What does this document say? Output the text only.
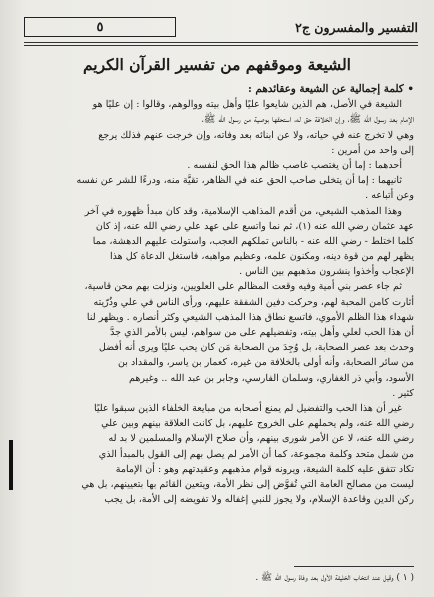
التفسير والمفسرون ج٢
٥
الشيعة وموقفهم من تفسير القرآن الكريم
• كلمة إجمالية عن الشيعة وعقائدهم :
الشيعة في الأصل، هم الذين شايعوا عليًا وأهل بيته ووالوهم، وقالوا : إن عليًا هو
الإمام بعد رسول الله ﷺ، وإن الخلافة حق له، استحقها بوصية من رسول الله ﷺ،
وهي لا تخرج عنه في حياته، ولا عن ابنائه بعد وفاته، وإن خرجت عنهم فذلك يرجع
إلى واحد من أمرين :
أحدهما : إما أن يغتصب غاصب ظالم هذا الحق لنفسه .
ثانيهما : إما أن يتخلى صاحب الحق عنه في الظاهر، تقيَّة منه، ودرءًا للشر عن نفسه
وعن أتباعه .
وهذا المذهب الشيعي، من أقدم المذاهب الإسلامية، وقد كان مبدأ ظهوره في آخر
عهد عثمان رضي الله عنه (١)، ثم نما واتسع على عهد علي رضي الله عنه، إذ كان
كلما اختلط - رضي الله عنه - بالناس تملكهم العجب، واستولت عليهم الدهشة، مما
يظهر لهم من قوة دينه، ومكنون علمه، وعظيم مواهبه، فاستغل الدعاة كل هذا
الإعجاب وأخذوا ينشرون مذهبهم بين الناس .
ثم جاء عصر بني أمية وفيه وقعت المظالم على العلويين، ونزلت بهم محن قاسية،
أثارت كامن المحبة لهم، وحركت دفين الشفقة عليهم، ورأى الناس في علي وذُرّيته
شهداء هذا الظلم الأموي، فاتسع نطاق هذا المذهب الشيعي وكثر أنصاره . ويظهر لنا
أن هذا الحب لعلي وأهل بيته، وتفضيلهم على من سواهم، ليس بالأمر الذي جدَّ
وحدث بعد عصر الصحابة، بل وُجِدَ من الصحابة مَن كان يحب عليًا ويرى أنه أفضل
من سائر الصحابة، وأنه أولى بالخلافة من غيره، كعمار بن ياسر، والمقداد بن
الأسود، وأبي ذر الغفاري، وسلمان الفارسي، وجابر بن عبد الله .. وغيرهم
كثير .
غير أن هذا الحب والتفضيل لم يمنع أصحابه من مبايعة الخلفاء الذين سبقوا عليًا
رضي الله عنه، ولم يحملهم على الخروج عليهم، بل كانت العلاقة بينهم وبين علي
رضي الله عنه، لا عن الأمر شورى بينهم، وأن صلاح الإسلام والمسلمين لا بد له
من شمل متحد وكلمة مجموعة، كما أن الأمر لم يصل بهم إلى القول بالمبدأ الذي
تكاد تتفق عليه كلمة الشيعة، ويرونه قوام مذهبهم وعقيدتهم وهو : أن الإمامة
ليست من مصالح العامة التي تُفوَّض إلى نظر الأمة، ويتعين القائم بها بتعيينهم، بل هي
ركن الدين وقاعدة الإسلام، ولا يجوز للنبي إغفاله ولا تفويضه إلى الأمة، بل يجب
( ١ ) وقيل عند انتخاب الخليفة الأول بعد وفاة رسول الله ﷺ .
